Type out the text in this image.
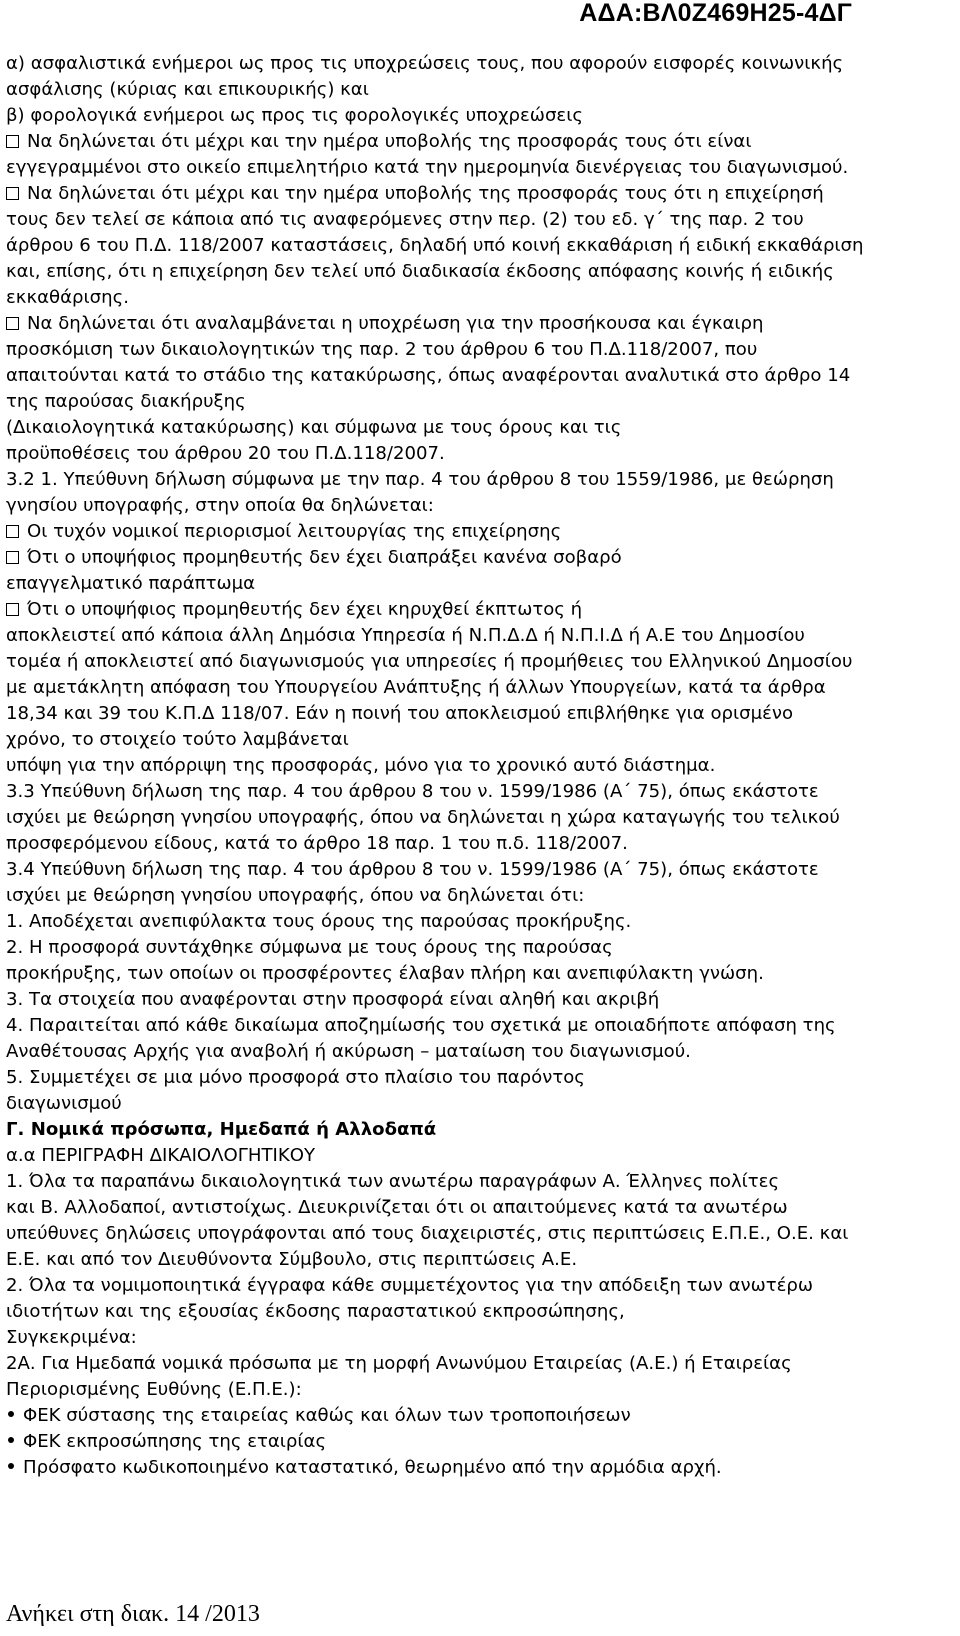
ΑΔΑ:ΒΛ0Ζ469Η25-4ΔΓ
α) ασφαλιστικά ενήμεροι ως προς τις υποχρεώσεις τους, που αφορούν εισφορές κοινωνικής
ασφάλισης (κύριας και επικουρικής) και
β) φορολογικά ενήμεροι ως προς τις φορολογικές υποχρεώσεις
Να δηλώνεται ότι μέχρι και την ημέρα υποβολής της προσφοράς τους ότι είναι
εγγεγραμμένοι στο οικείο επιμελητήριο κατά την ημερομηνία διενέργειας του διαγωνισμού.
Να δηλώνεται ότι μέχρι και την ημέρα υποβολής της προσφοράς τους ότι η επιχείρησή
τους δεν τελεί σε κάποια από τις αναφερόμενες στην περ. (2) του εδ. γ΄ της παρ. 2 του
άρθρου 6 του Π.Δ. 118/2007 καταστάσεις, δηλαδή υπό κοινή εκκαθάριση ή ειδική εκκαθάριση
και, επίσης, ότι η επιχείρηση δεν τελεί υπό διαδικασία έκδοσης απόφασης κοινής ή ειδικής
εκκαθάρισης.
Να δηλώνεται ότι αναλαμβάνεται η υποχρέωση για την προσήκουσα και έγκαιρη
προσκόμιση των δικαιολογητικών της παρ. 2 του άρθρου 6 του Π.Δ.118/2007, που
απαιτούνται κατά το στάδιο της κατακύρωσης, όπως αναφέρονται αναλυτικά στο άρθρο 14
της παρούσας διακήρυξης
(Δικαιολογητικά κατακύρωσης) και σύμφωνα με τους όρους και τις
προϋποθέσεις του άρθρου 20 του Π.Δ.118/2007.
3.2 1. Υπεύθυνη δήλωση σύμφωνα με την παρ. 4 του άρθρου 8 του 1559/1986, με θεώρηση
γνησίου υπογραφής, στην οποία θα δηλώνεται:
Οι τυχόν νομικοί περιορισμοί λειτουργίας της επιχείρησης
Ότι ο υποψήφιος προμηθευτής δεν έχει διαπράξει κανένα σοβαρό
επαγγελματικό παράπτωμα
Ότι ο υποψήφιος προμηθευτής δεν έχει κηρυχθεί έκπτωτος ή
αποκλειστεί από κάποια άλλη Δημόσια Υπηρεσία ή Ν.Π.Δ.Δ ή Ν.Π.Ι.Δ ή Α.Ε του Δημοσίου
τομέα ή αποκλειστεί από διαγωνισμούς για υπηρεσίες ή προμήθειες του Ελληνικού Δημοσίου
με αμετάκλητη απόφαση του Υπουργείου Ανάπτυξης ή άλλων Υπουργείων, κατά τα άρθρα
18,34 και 39 του Κ.Π.Δ 118/07. Εάν η ποινή του αποκλεισμού επιβλήθηκε για ορισμένο
χρόνο, το στοιχείο τούτο λαμβάνεται
υπόψη για την απόρριψη της προσφοράς, μόνο για το χρονικό αυτό διάστημα.
3.3 Υπεύθυνη δήλωση της παρ. 4 του άρθρου 8 του ν. 1599/1986 (Α΄ 75), όπως εκάστοτε
ισχύει με θεώρηση γνησίου υπογραφής, όπου να δηλώνεται η χώρα καταγωγής του τελικού
προσφερόμενου είδους, κατά το άρθρο 18 παρ. 1 του π.δ. 118/2007.
3.4 Υπεύθυνη δήλωση της παρ. 4 του άρθρου 8 του ν. 1599/1986 (Α΄ 75), όπως εκάστοτε
ισχύει με θεώρηση γνησίου υπογραφής, όπου να δηλώνεται ότι:
1. Αποδέχεται ανεπιφύλακτα τους όρους της παρούσας προκήρυξης.
2. Η προσφορά συντάχθηκε σύμφωνα με τους όρους της παρούσας
προκήρυξης, των οποίων οι προσφέροντες έλαβαν πλήρη και ανεπιφύλακτη γνώση.
3. Τα στοιχεία που αναφέρονται στην προσφορά είναι αληθή και ακριβή
4. Παραιτείται από κάθε δικαίωμα αποζημίωσής του σχετικά με οποιαδήποτε απόφαση της
Αναθέτουσας Αρχής για αναβολή ή ακύρωση – ματαίωση του διαγωνισμού.
5. Συμμετέχει σε μια μόνο προσφορά στο πλαίσιο του παρόντος
διαγωνισμού
Γ. Νομικά πρόσωπα, Ημεδαπά ή Αλλοδαπά
α.α ΠΕΡΙΓΡΑΦΗ ΔΙΚΑΙΟΛΟΓΗΤΙΚΟΥ
1. Όλα τα παραπάνω δικαιολογητικά των ανωτέρω παραγράφων Α. Έλληνες πολίτες
και Β. Αλλοδαποί, αντιστοίχως. Διευκρινίζεται ότι οι απαιτούμενες κατά τα ανωτέρω
υπεύθυνες δηλώσεις υπογράφονται από τους διαχειριστές, στις περιπτώσεις Ε.Π.Ε., Ο.Ε. και
Ε.Ε. και από τον Διευθύνοντα Σύμβουλο, στις περιπτώσεις Α.Ε.
2. Όλα τα νομιμοποιητικά έγγραφα κάθε συμμετέχοντος για την απόδειξη των ανωτέρω
ιδιοτήτων και της εξουσίας έκδοσης παραστατικού εκπροσώπησης,
Συγκεκριμένα:
2Α. Για Ημεδαπά νομικά πρόσωπα με τη μορφή Ανωνύμου Εταιρείας (Α.Ε.) ή Εταιρείας
Περιορισμένης Ευθύνης (Ε.Π.Ε.):
ΦΕΚ σύστασης της εταιρείας καθώς και όλων των τροποποιήσεων
ΦΕΚ εκπροσώπησης της εταιρίας
Πρόσφατο κωδικοποιημένο καταστατικό, θεωρημένο από την αρμόδια αρχή.
Ανήκει στη διακ. 14 /2013
